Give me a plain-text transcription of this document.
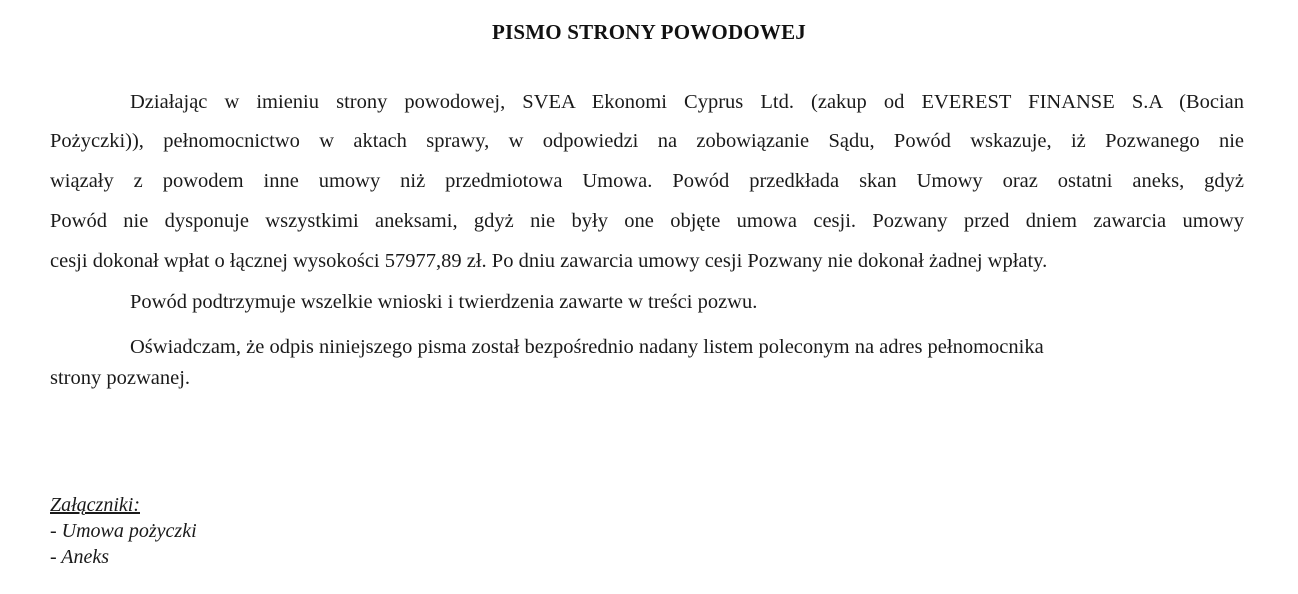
PISMO STRONY POWODOWEJ
Działając w imieniu strony powodowej, SVEA Ekonomi Cyprus Ltd. (zakup od EVEREST FINANSE S.A (Bocian
Pożyczki)), pełnomocnictwo w aktach sprawy, w odpowiedzi na zobowiązanie Sądu, Powód wskazuje, iż Pozwanego nie
wiązały z powodem inne umowy niż przedmiotowa Umowa. Powód przedkłada skan Umowy oraz ostatni aneks, gdyż
Powód nie dysponuje wszystkimi aneksami, gdyż nie były one objęte umowa cesji. Pozwany przed dniem zawarcia umowy
cesji dokonał wpłat o łącznej wysokości 57977,89 zł. Po dniu zawarcia umowy cesji Pozwany nie dokonał żadnej wpłaty.
Powód podtrzymuje wszelkie wnioski i twierdzenia zawarte w treści pozwu.
Oświadczam, że odpis niniejszego pisma został bezpośrednio nadany listem poleconym na adres pełnomocnika
strony pozwanej.
Załączniki:
- Umowa pożyczki
- Aneks
